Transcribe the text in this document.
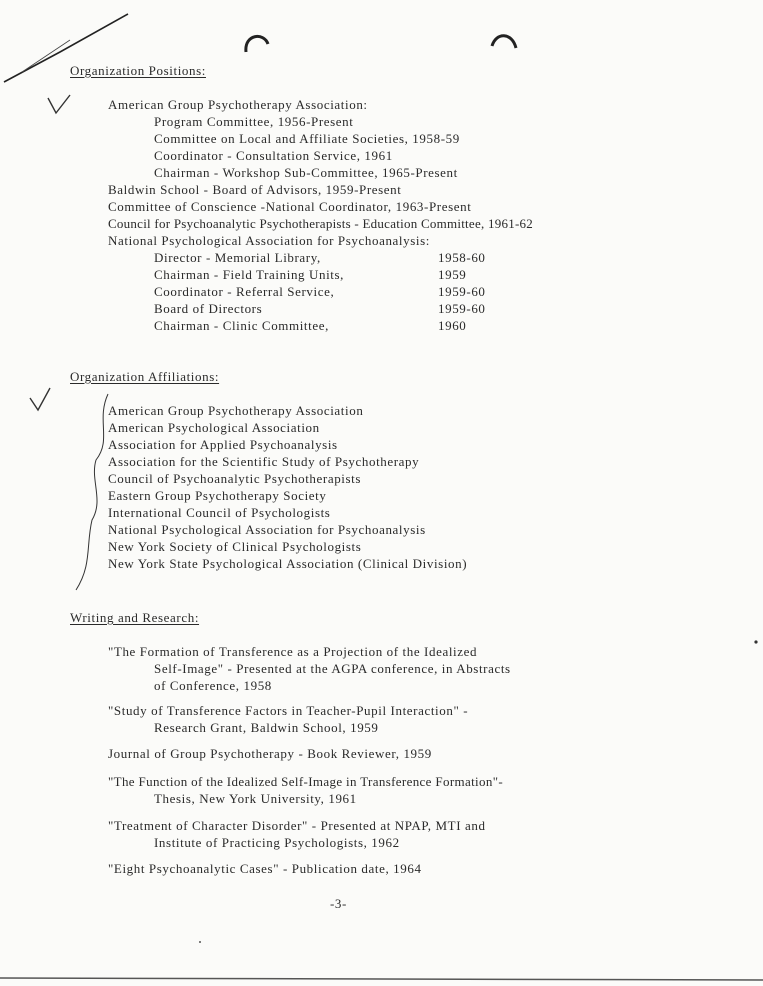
Organization Positions:
American Group Psychotherapy Association:
Program Committee, 1956-Present
Committee on Local and Affiliate Societies, 1958-59
Coordinator - Consultation Service, 1961
Chairman - Workshop Sub-Committee, 1965-Present
Baldwin School - Board of Advisors, 1959-Present
Committee of Conscience -National Coordinator, 1963-Present
Council for Psychoanalytic Psychotherapists - Education Committee, 1961-62
National Psychological Association for Psychoanalysis:
Director - Memorial Library,	1958-60
Chairman - Field Training Units,	1959
Coordinator - Referral Service,	1959-60
Board of Directors	1959-60
Chairman - Clinic Committee,	1960
Organization Affiliations:
American Group Psychotherapy Association
American Psychological Association
Association for Applied Psychoanalysis
Association for the Scientific Study of Psychotherapy
Council of Psychoanalytic Psychotherapists
Eastern Group Psychotherapy Society
International Council of Psychologists
National Psychological Association for Psychoanalysis
New York Society of Clinical Psychologists
New York State Psychological Association (Clinical Division)
Writing and Research:
"The Formation of Transference as a Projection of the Idealized
Self-Image" - Presented at the AGPA conference, in Abstracts
of Conference, 1958
"Study of Transference Factors in Teacher-Pupil Interaction" -
Research Grant, Baldwin School, 1959
Journal of Group Psychotherapy - Book Reviewer, 1959
"The Function of the Idealized Self-Image in Transference Formation"-
Thesis, New York University, 1961
"Treatment of Character Disorder" - Presented at NPAP, MTI and
Institute of Practicing Psychologists, 1962
"Eight Psychoanalytic Cases" - Publication date, 1964
-3-
